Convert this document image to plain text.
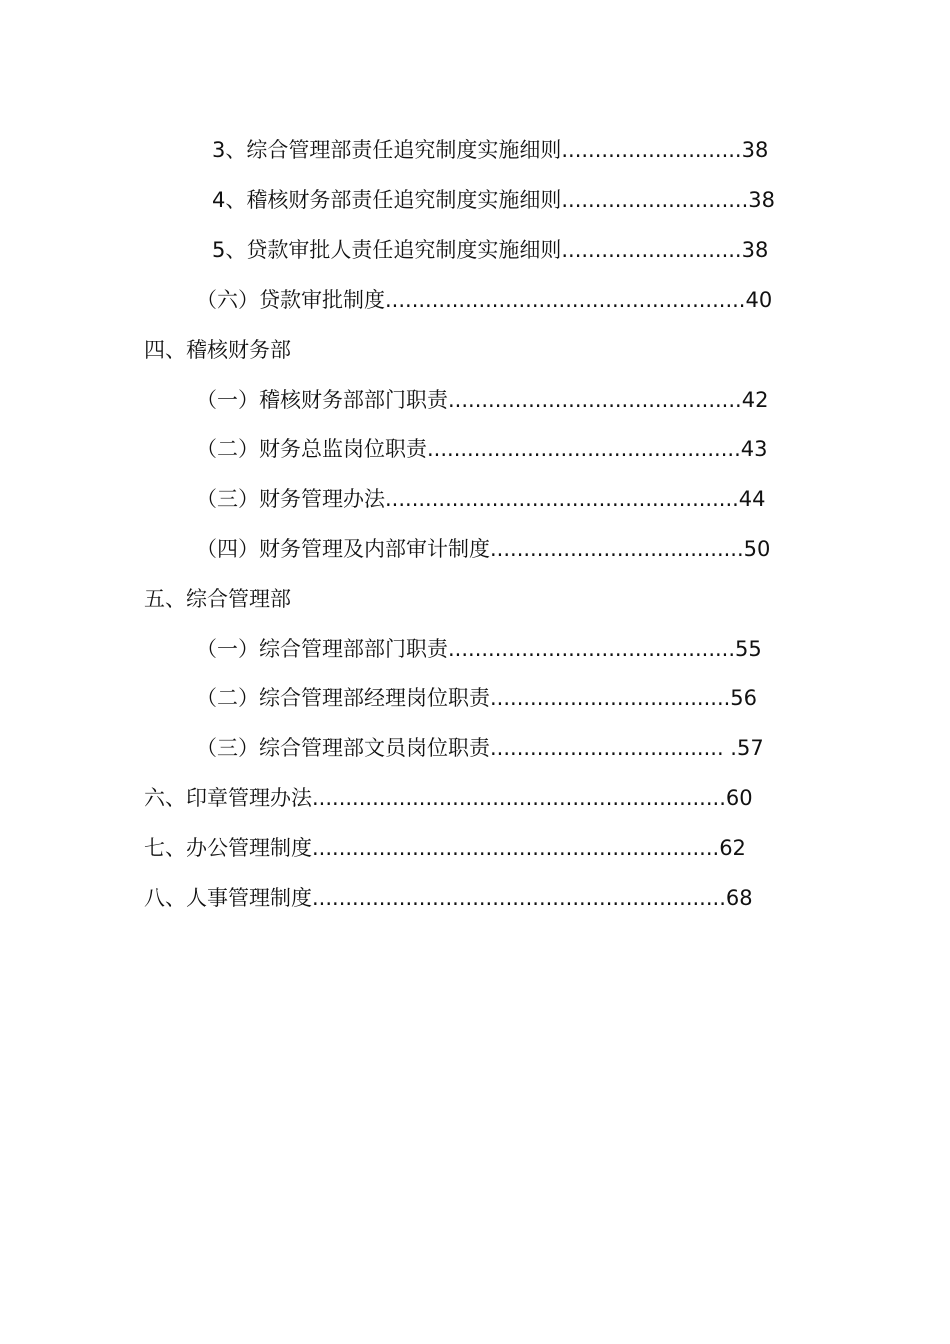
3、综合管理部责任追究制度实施细则...........................38
4、稽核财务部责任追究制度实施细则............................38
5、贷款审批人责任追究制度实施细则...........................38
（六）贷款审批制度......................................................40
四、稽核财务部
（一）稽核财务部部门职责............................................42
（二）财务总监岗位职责...............................................43
（三）财务管理办法.....................................................44
（四）财务管理及内部审计制度......................................50
五、综合管理部
（一）综合管理部部门职责...........................................55
（二）综合管理部经理岗位职责....................................56
（三）综合管理部文员岗位职责................................... .57
六、印章管理办法..............................................................60
七、办公管理制度.............................................................62
八、人事管理制度..............................................................68
